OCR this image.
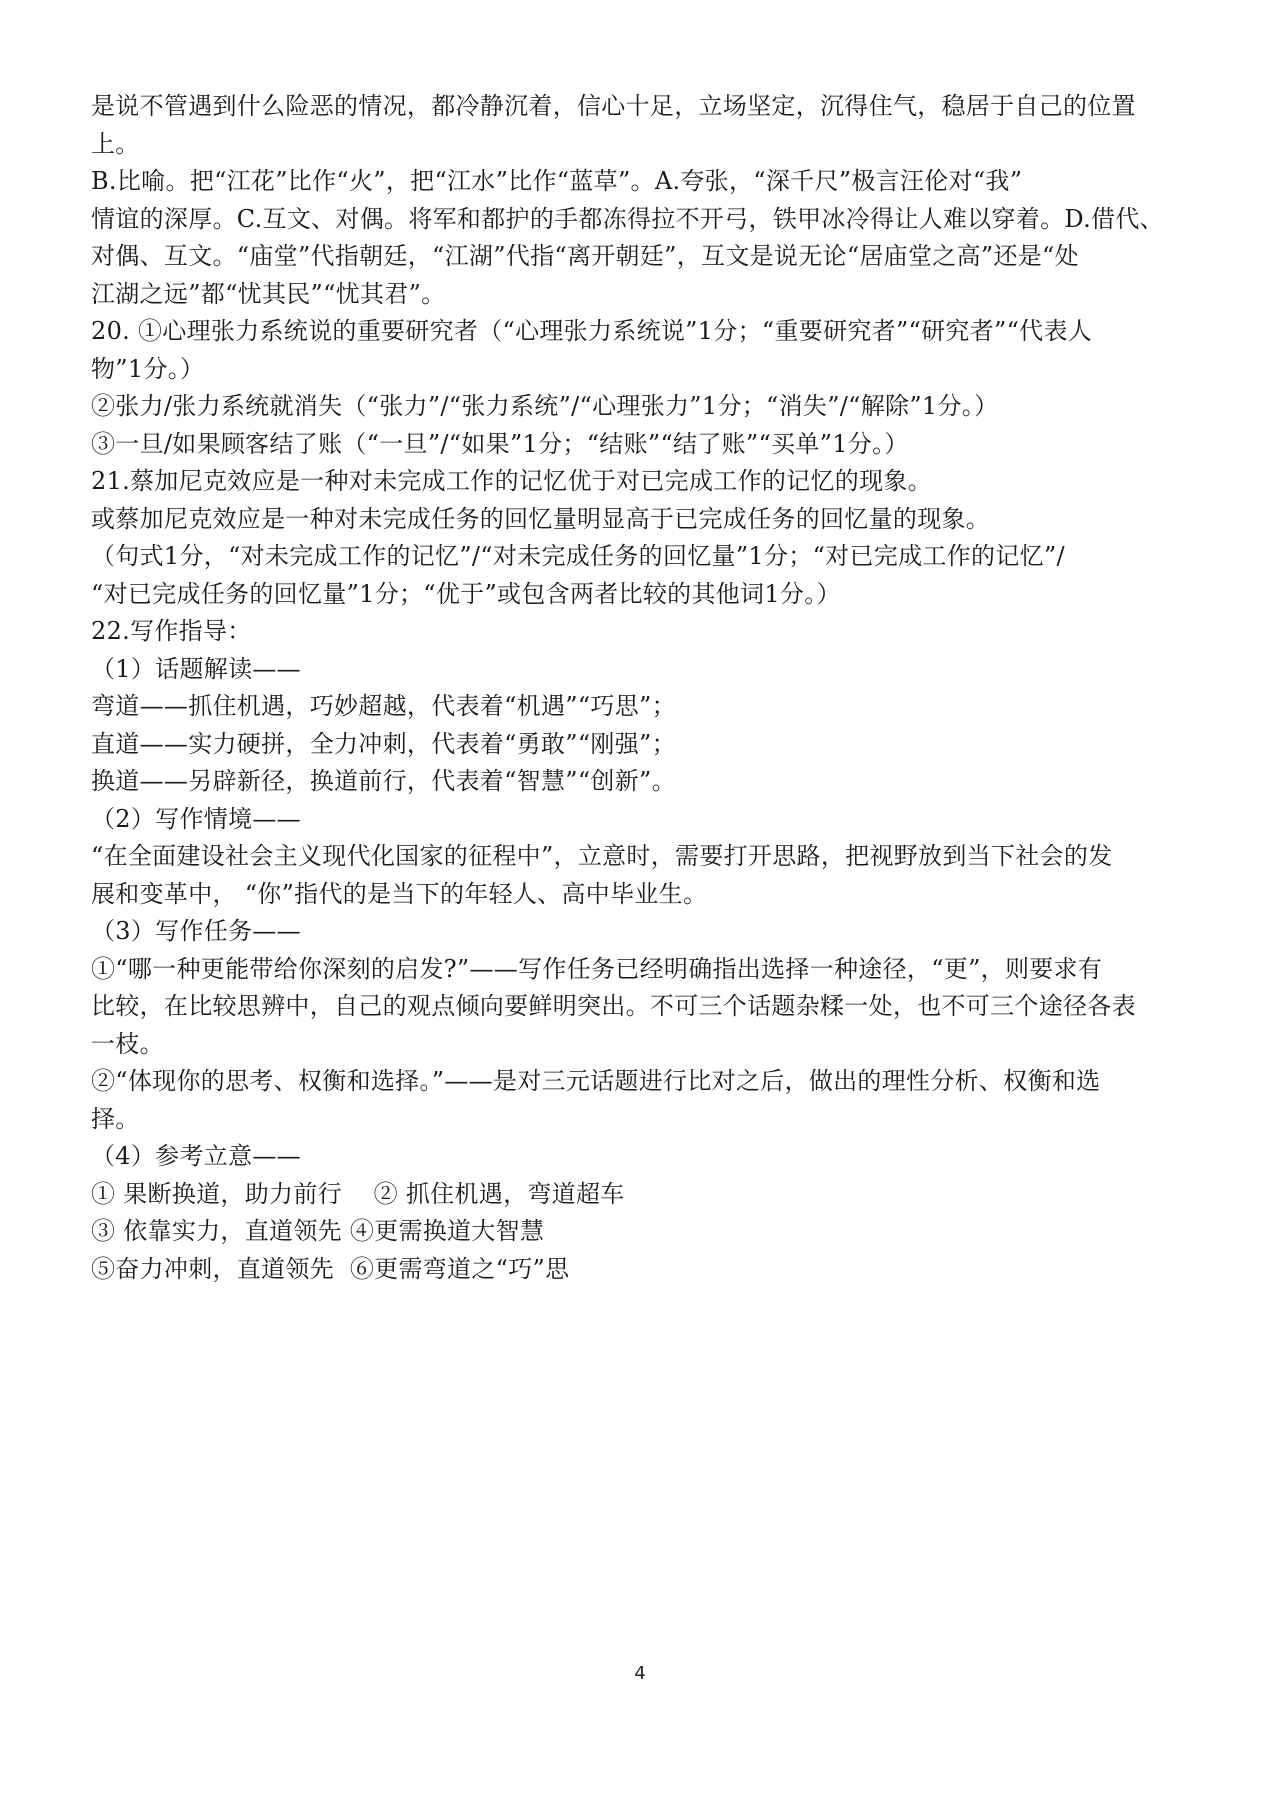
是说不管遇到什么险恶的情况，都冷静沉着，信心十足，立场坚定，沉得住气，稳居于自己的位置
上。
B.比喻。把“江花”比作“火”，把“江水”比作“蓝草”。A.夸张，“深千尺”极言汪伦对“我”
情谊的深厚。C.互文、对偶。将军和都护的手都冻得拉不开弓，铁甲冰冷得让人难以穿着。D.借代、
对偶、互文。“庙堂”代指朝廷，“江湖”代指“离开朝廷”，互文是说无论“居庙堂之高”还是“处
江湖之远”都“忧其民”“忧其君”。
20. ①心理张力系统说的重要研究者（“心理张力系统说”1分；“重要研究者”“研究者”“代表人
物”1分。）
②张力/张力系统就消失（“张力”/“张力系统”/“心理张力”1分；“消失”/“解除”1分。）
③一旦/如果顾客结了账（“一旦”/“如果”1分；“结账”“结了账”“买单”1分。）
21.蔡加尼克效应是一种对未完成工作的记忆优于对已完成工作的记忆的现象。
或蔡加尼克效应是一种对未完成任务的回忆量明显高于已完成任务的回忆量的现象。
（句式1分，“对未完成工作的记忆”/“对未完成任务的回忆量”1分；“对已完成工作的记忆”/
“对已完成任务的回忆量”1分；“优于”或包含两者比较的其他词1分。）
22.写作指导：
（1）话题解读——
弯道——抓住机遇，巧妙超越，代表着“机遇”“巧思”；
直道——实力硬拼，全力冲刺，代表着“勇敢”“刚强”；
换道——另辟新径，换道前行，代表着“智慧”“创新”。
（2）写作情境——
“在全面建设社会主义现代化国家的征程中”，立意时，需要打开思路，把视野放到当下社会的发
展和变革中， “你”指代的是当下的年轻人、高中毕业生。
（3）写作任务——
①“哪一种更能带给你深刻的启发?”——写作任务已经明确指出选择一种途径，“更”，则要求有
比较，在比较思辨中，自己的观点倾向要鲜明突出。不可三个话题杂糅一处，也不可三个途径各表
一枝。
②“体现你的思考、权衡和选择。”——是对三元话题进行比对之后，做出的理性分析、权衡和选
择。
（4）参考立意——
① 果断换道，助力前行    ② 抓住机遇，弯道超车
③ 依靠实力，直道领先 ④更需换道大智慧
⑤奋力冲刺，直道领先  ⑥更需弯道之“巧”思
4
